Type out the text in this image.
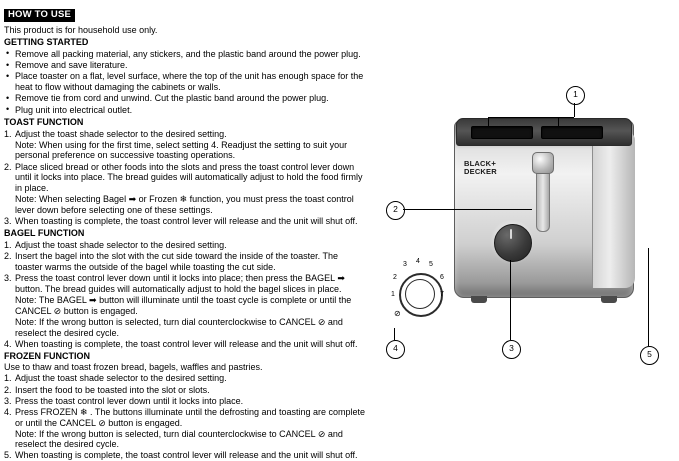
HOW TO USE
This product is for household use only.
GETTING STARTED
• Remove all packing material, any stickers, and the plastic band around the power plug.
• Remove and save literature.
• Place toaster on a flat, level surface, where the top of the unit has enough space for the heat to flow without damaging the cabinets or walls.
• Remove tie from cord and unwind. Cut the plastic band around the power plug.
• Plug unit into electrical outlet.
TOAST FUNCTION
Adjust the toast shade selector to the desired setting.
Note: When using for the first time, select setting 4. Readjust the setting to suit your personal preference on successive toasting operations.
Place sliced bread or other foods into the slots and press the toast control lever down until it locks into place. The bread guides will automatically adjust to hold the food firmly in place.
Note: When selecting Bagel ➡ or Frozen ❄ function, you must press the toast control lever down before selecting one of these settings.
When toasting is complete, the toast control lever will release and the unit will shut off.
BAGEL FUNCTION
Adjust the toast shade selector to the desired setting.
Insert the bagel into the slot with the cut side toward the inside of the toaster. The toaster warms the outside of the bagel while toasting the cut side.
Press the toast control lever down until it locks into place; then press the BAGEL ➡ button. The bread guides will automatically adjust to hold the bagel slices in place.
Note: The BAGEL ➡ button will illuminate until the toast cycle is complete or until the CANCEL ⊘ button is engaged.
Note: If the wrong button is selected, turn dial counterclockwise to CANCEL ⊘ and reselect the desired cycle.
When toasting is complete, the toast control lever will release and the unit will shut off.
FROZEN FUNCTION
Use to thaw and toast frozen bread, bagels, waffles and pastries.
Adjust the toast shade selector to the desired setting.
Insert the food to be toasted into the slot or slots.
Press the toast control lever down until it locks into place.
Press FROZEN ❄ . The buttons illuminate until the defrosting and toasting are complete or until the CANCEL ⊘ button is engaged.
Note: If the wrong button is selected, turn dial counterclockwise to CANCEL ⊘ and reselect the desired cycle.
When toasting is complete, the toast control lever will release and the unit will shut off.
BLACK+
DECKER
4
3	5
2	6
1	7
⊘
1
2
3
4
5
